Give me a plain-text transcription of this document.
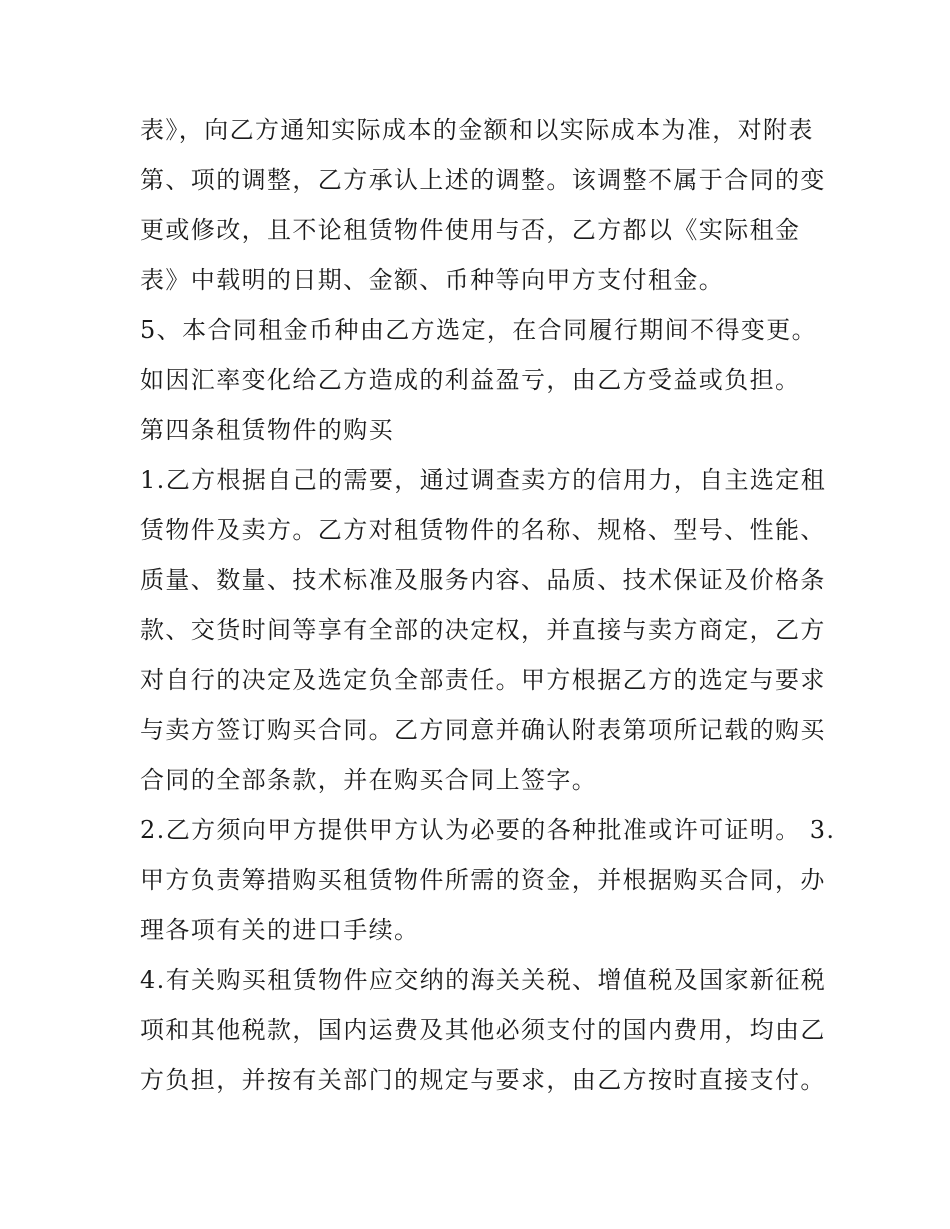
表》，向乙方通知实际成本的金额和以实际成本为准，对附表
第、项的调整，乙方承认上述的调整。该调整不属于合同的变
更或修改，且不论租赁物件使用与否，乙方都以《实际租金
表》中载明的日期、金额、币种等向甲方支付租金。
5、本合同租金币种由乙方选定，在合同履行期间不得变更。
如因汇率变化给乙方造成的利益盈亏，由乙方受益或负担。
第四条租赁物件的购买
1.乙方根据自己的需要，通过调查卖方的信用力，自主选定租
赁物件及卖方。乙方对租赁物件的名称、规格、型号、性能、
质量、数量、技术标准及服务内容、品质、技术保证及价格条
款、交货时间等享有全部的决定权，并直接与卖方商定，乙方
对自行的决定及选定负全部责任。甲方根据乙方的选定与要求
与卖方签订购买合同。乙方同意并确认附表第项所记载的购买
合同的全部条款，并在购买合同上签字。
2.乙方须向甲方提供甲方认为必要的各种批准或许可证明。 3.
甲方负责筹措购买租赁物件所需的资金，并根据购买合同，办
理各项有关的进口手续。
4.有关购买租赁物件应交纳的海关关税、增值税及国家新征税
项和其他税款，国内运费及其他必须支付的国内费用，均由乙
方负担，并按有关部门的规定与要求，由乙方按时直接支付。
